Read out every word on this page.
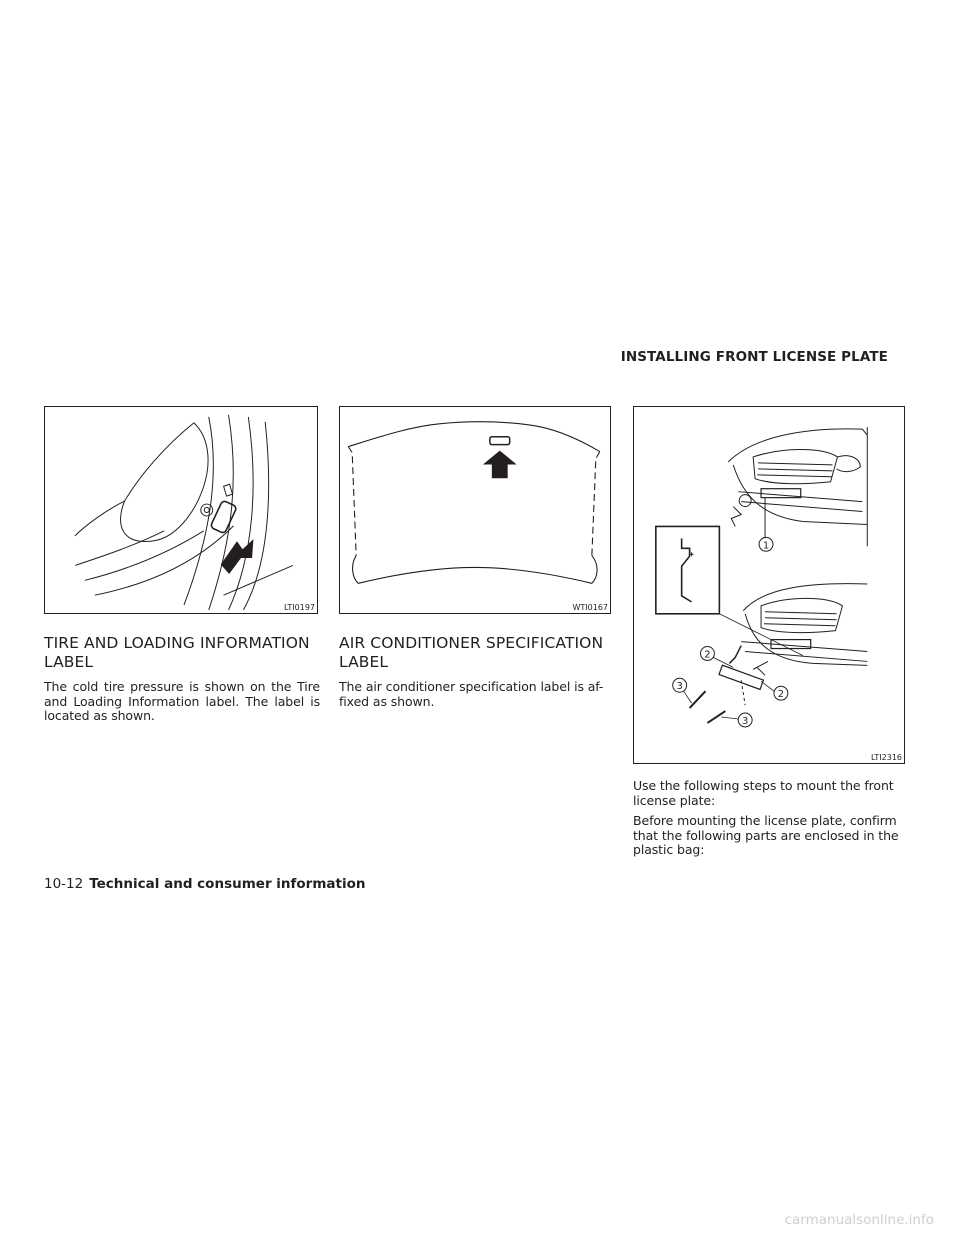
INSTALLING FRONT LICENSE PLATE
LTI0197	WTI0167
1
2
2
3
3
LTI2316
TIRE AND LOADING INFORMATION LABEL

The cold tire pressure is shown on the Tire and Loading Information label. The label is located as shown.

AIR CONDITIONER SPECIFICATION LABEL

The air conditioner specification label is af- fixed as shown.

Use the following steps to mount the front license plate:

Before mounting the license plate, confirm that the following parts are enclosed in the plastic bag:

10-12 Technical and consumer information
carmanualsonline.info
